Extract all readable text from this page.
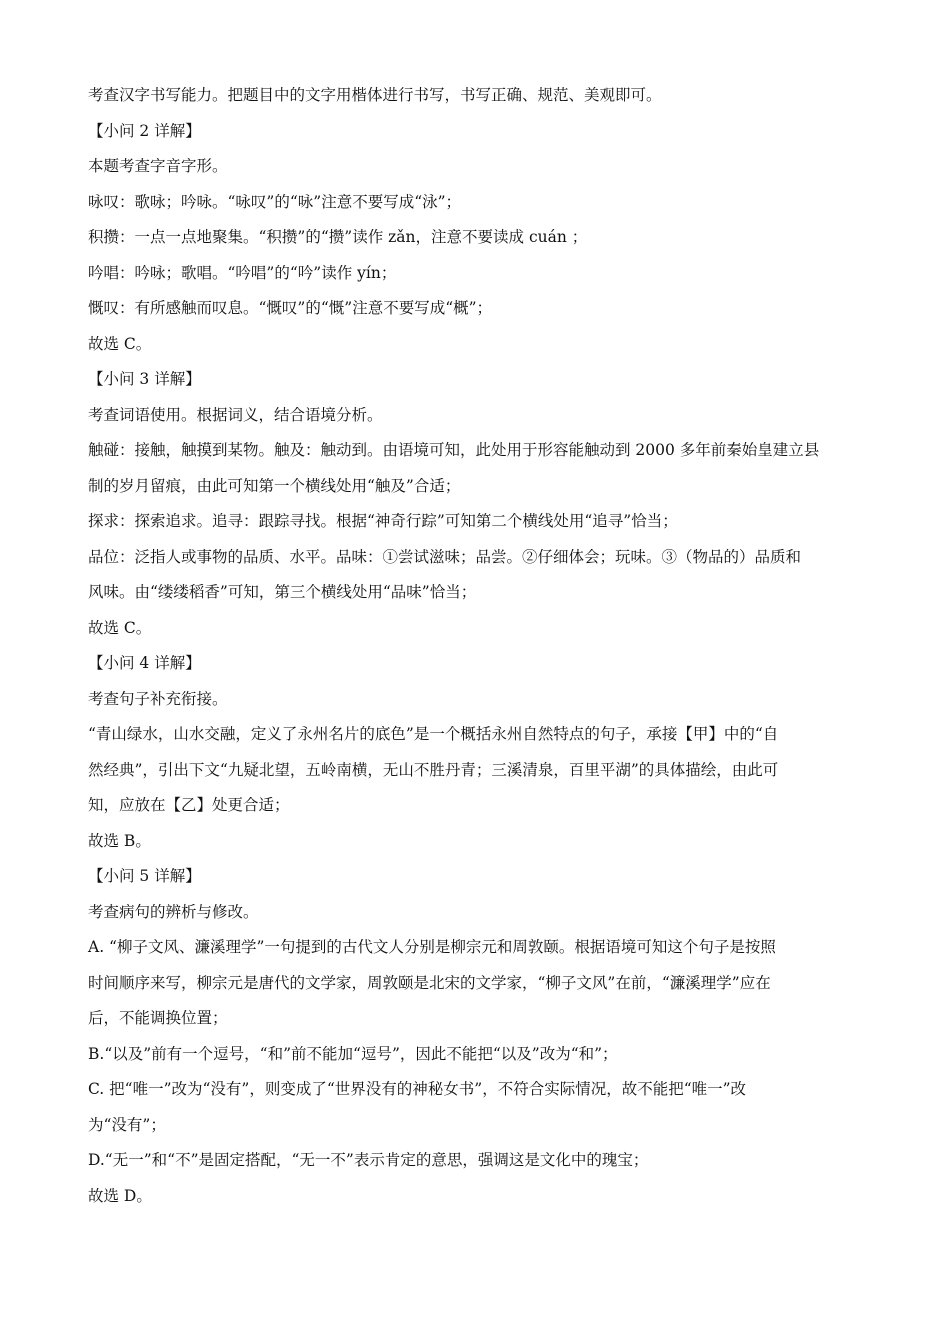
考查汉字书写能力。把题目中的文字用楷体进行书写，书写正确、规范、美观即可。
【小问 2 详解】
本题考查字音字形。
咏叹：歌咏；吟咏。“咏叹”的“咏”注意不要写成“泳”；
积攒：一点一点地聚集。“积攒”的“攒”读作 zǎn，注意不要读成 cuán ；
吟唱：吟咏；歌唱。“吟唱”的“吟”读作 yín；
慨叹：有所感触而叹息。“慨叹”的“慨”注意不要写成“概”；
故选 C。
【小问 3 详解】
考查词语使用。根据词义，结合语境分析。
触碰：接触，触摸到某物。触及：触动到。由语境可知，此处用于形容能触动到 2000 多年前秦始皇建立县
制的岁月留痕，由此可知第一个横线处用“触及”合适；
探求：探索追求。追寻：跟踪寻找。根据“神奇行踪”可知第二个横线处用“追寻”恰当；
品位：泛指人或事物的品质、水平。品味：①尝试滋味；品尝。②仔细体会；玩味。③（物品的）品质和
风味。由“缕缕稻香”可知，第三个横线处用“品味”恰当；
故选 C。
【小问 4 详解】
考查句子补充衔接。
“青山绿水，山水交融，定义了永州名片的底色”是一个概括永州自然特点的句子，承接【甲】中的“自
然经典”，引出下文“九疑北望，五岭南横，无山不胜丹青；三溪清泉，百里平湖”的具体描绘，由此可
知，应放在【乙】处更合适；
故选 B。
【小问 5 详解】
考查病句的辨析与修改。
A. “柳子文风、濂溪理学”一句提到的古代文人分别是柳宗元和周敦颐。根据语境可知这个句子是按照
时间顺序来写，柳宗元是唐代的文学家，周敦颐是北宋的文学家，“柳子文风”在前，“濂溪理学”应在
后，不能调换位置；
B.“以及”前有一个逗号，“和”前不能加“逗号”，因此不能把“以及”改为“和”；
C. 把“唯一”改为“没有”，则变成了“世界没有的神秘女书”，不符合实际情况，故不能把“唯一”改
为“没有”；
D.“无一”和“不”是固定搭配，“无一不”表示肯定的意思，强调这是文化中的瑰宝；
故选 D。
